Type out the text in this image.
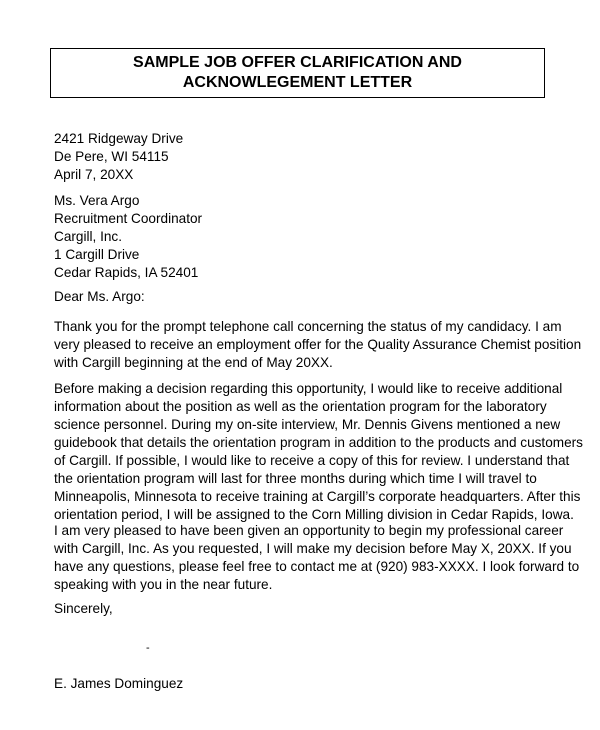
SAMPLE JOB OFFER CLARIFICATION AND
ACKNOWLEGEMENT LETTER
2421 Ridgeway Drive
De Pere, WI 54115
April 7, 20XX
Ms. Vera Argo
Recruitment Coordinator
Cargill, Inc.
1 Cargill Drive
Cedar Rapids, IA 52401
Dear Ms. Argo:
Thank you for the prompt telephone call concerning the status of my candidacy. I am
very pleased to receive an employment offer for the Quality Assurance Chemist position
with Cargill beginning at the end of May 20XX.
Before making a decision regarding this opportunity, I would like to receive additional
information about the position as well as the orientation program for the laboratory
science personnel. During my on-site interview, Mr. Dennis Givens mentioned a new
guidebook that details the orientation program in addition to the products and customers
of Cargill. If possible, I would like to receive a copy of this for review. I understand that
the orientation program will last for three months during which time I will travel to
Minneapolis, Minnesota to receive training at Cargill’s corporate headquarters. After this
orientation period, I will be assigned to the Corn Milling division in Cedar Rapids, Iowa.
I am very pleased to have been given an opportunity to begin my professional career
with Cargill, Inc. As you requested, I will make my decision before May X, 20XX. If you
have any questions, please feel free to contact me at (920) 983-XXXX. I look forward to
speaking with you in the near future.
Sincerely,
-
E. James Dominguez
